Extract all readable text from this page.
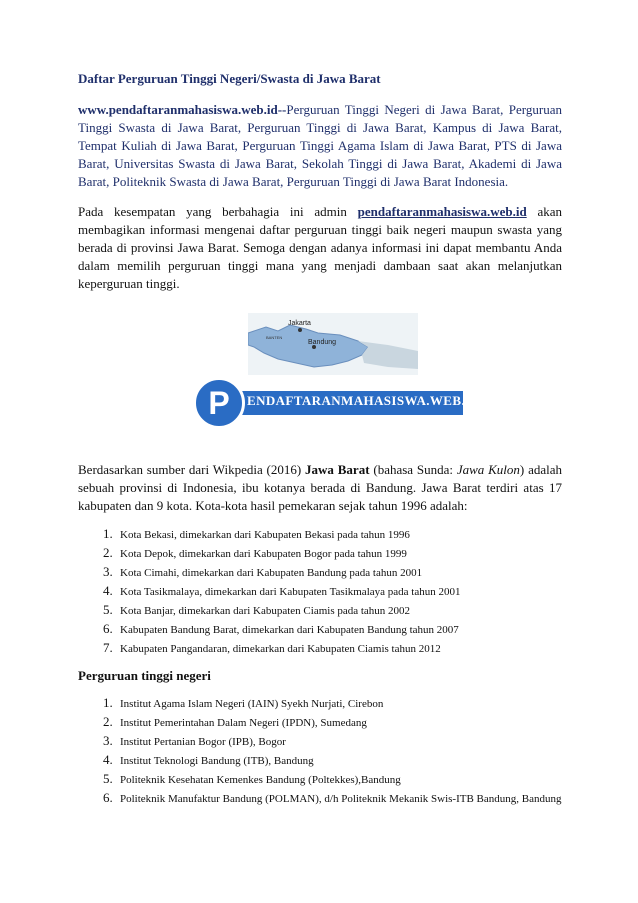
Daftar Perguruan Tinggi Negeri/Swasta di Jawa Barat

www.pendaftaranmahasiswa.web.id--Perguruan Tinggi Negeri di Jawa Barat, Perguruan Tinggi Swasta di Jawa Barat, Perguruan Tinggi di Jawa Barat, Kampus di Jawa Barat, Tempat Kuliah di Jawa Barat, Perguruan Tinggi Agama Islam di Jawa Barat, PTS di Jawa Barat, Universitas Swasta di Jawa Barat, Sekolah Tinggi di Jawa Barat, Akademi di Jawa Barat, Politeknik Swasta di Jawa Barat, Perguruan Tinggi di Jawa Barat Indonesia.

Pada kesempatan yang berbahagia ini admin pendaftaranmahasiswa.web.id akan membagikan informasi mengenai daftar perguruan tinggi baik negeri maupun swasta yang berada di provinsi Jawa Barat. Semoga dengan adanya informasi ini dapat membantu Anda dalam memilih perguruan tinggi mana yang menjadi dambaan saat akan melanjutkan keperguruan tinggi.

Jakarta
Bandung
BANTEN
P	ENDAFTARANMAHASISWA.WEB.ID

Berdasarkan sumber dari Wikpedia (2016) Jawa Barat (bahasa Sunda: Jawa Kulon) adalah sebuah provinsi di Indonesia, ibu kotanya berada di Bandung. Jawa Barat terdiri atas 17 kabupaten dan 9 kota. Kota-kota hasil pemekaran sejak tahun 1996 adalah:

1. Kota Bekasi, dimekarkan dari Kabupaten Bekasi pada tahun 1996
2. Kota Depok, dimekarkan dari Kabupaten Bogor pada tahun 1999
3. Kota Cimahi, dimekarkan dari Kabupaten Bandung pada tahun 2001
4. Kota Tasikmalaya, dimekarkan dari Kabupaten Tasikmalaya pada tahun 2001
5. Kota Banjar, dimekarkan dari Kabupaten Ciamis pada tahun 2002
6. Kabupaten Bandung Barat, dimekarkan dari Kabupaten Bandung tahun 2007
7. Kabupaten Pangandaran, dimekarkan dari Kabupaten Ciamis tahun 2012

Perguruan tinggi negeri

1. Institut Agama Islam Negeri (IAIN) Syekh Nurjati, Cirebon
2. Institut Pemerintahan Dalam Negeri (IPDN), Sumedang
3. Institut Pertanian Bogor (IPB), Bogor
4. Institut Teknologi Bandung (ITB), Bandung
5. Politeknik Kesehatan Kemenkes Bandung (Poltekkes),Bandung
6. Politeknik Manufaktur Bandung (POLMAN), d/h Politeknik Mekanik Swis-ITB Bandung, Bandung
